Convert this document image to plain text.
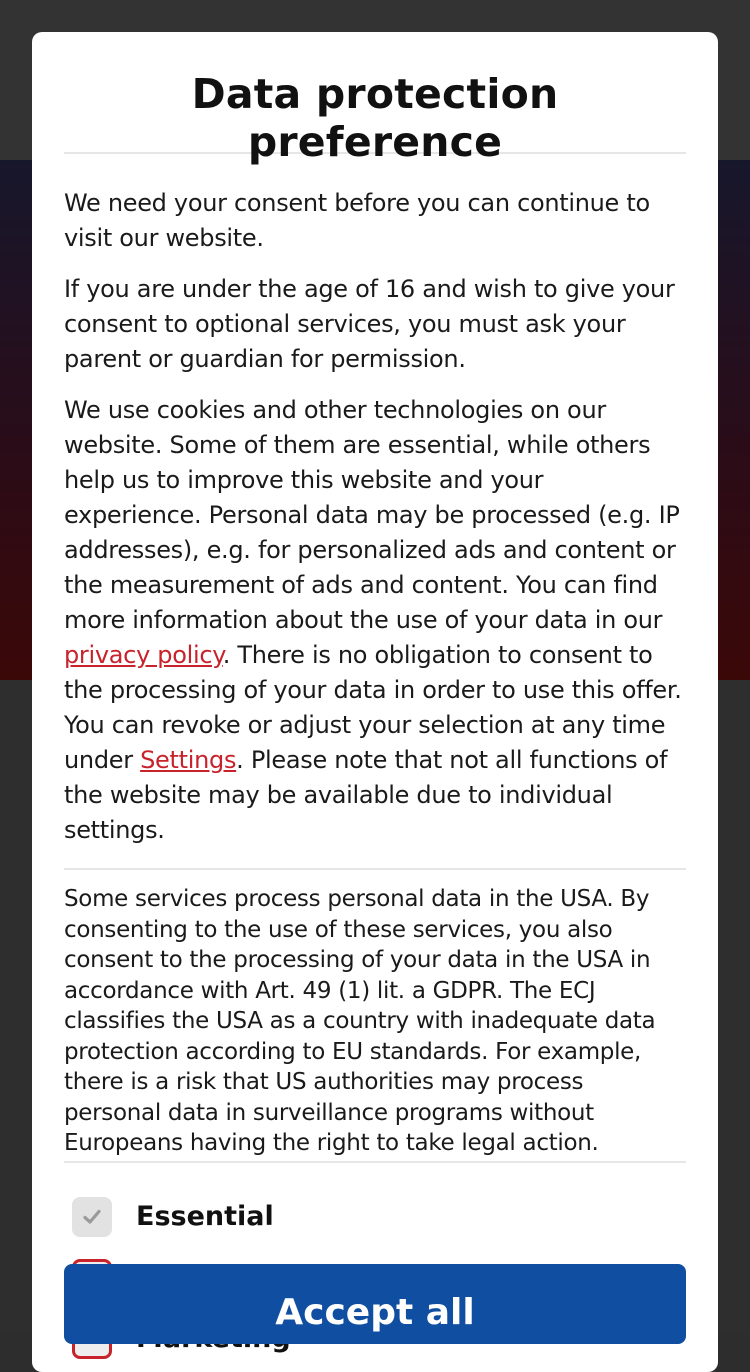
Data protection preference

We need your consent before you can continue to visit our website.

If you are under the age of 16 and wish to give your consent to optional services, you must ask your parent or guardian for permission.

We use cookies and other technologies on our website. Some of them are essential, while others help us to improve this website and your experience. Personal data may be processed (e.g. IP addresses), e.g. for personalized ads and content or the measurement of ads and content. You can find more information about the use of your data in our privacy policy. There is no obligation to consent to the processing of your data in order to use this offer. You can revoke or adjust your selection at any time under Settings. Please note that not all functions of the website may be available due to individual settings.

Some services process personal data in the USA. By consenting to the use of these services, you also consent to the processing of your data in the USA in accordance with Art. 49 (1) lit. a GDPR. The ECJ classifies the USA as a country with inadequate data protection according to EU standards. For example, there is a risk that US authorities may process personal data in surveillance programs without Europeans having the right to take legal action.

Essential
Accept all
